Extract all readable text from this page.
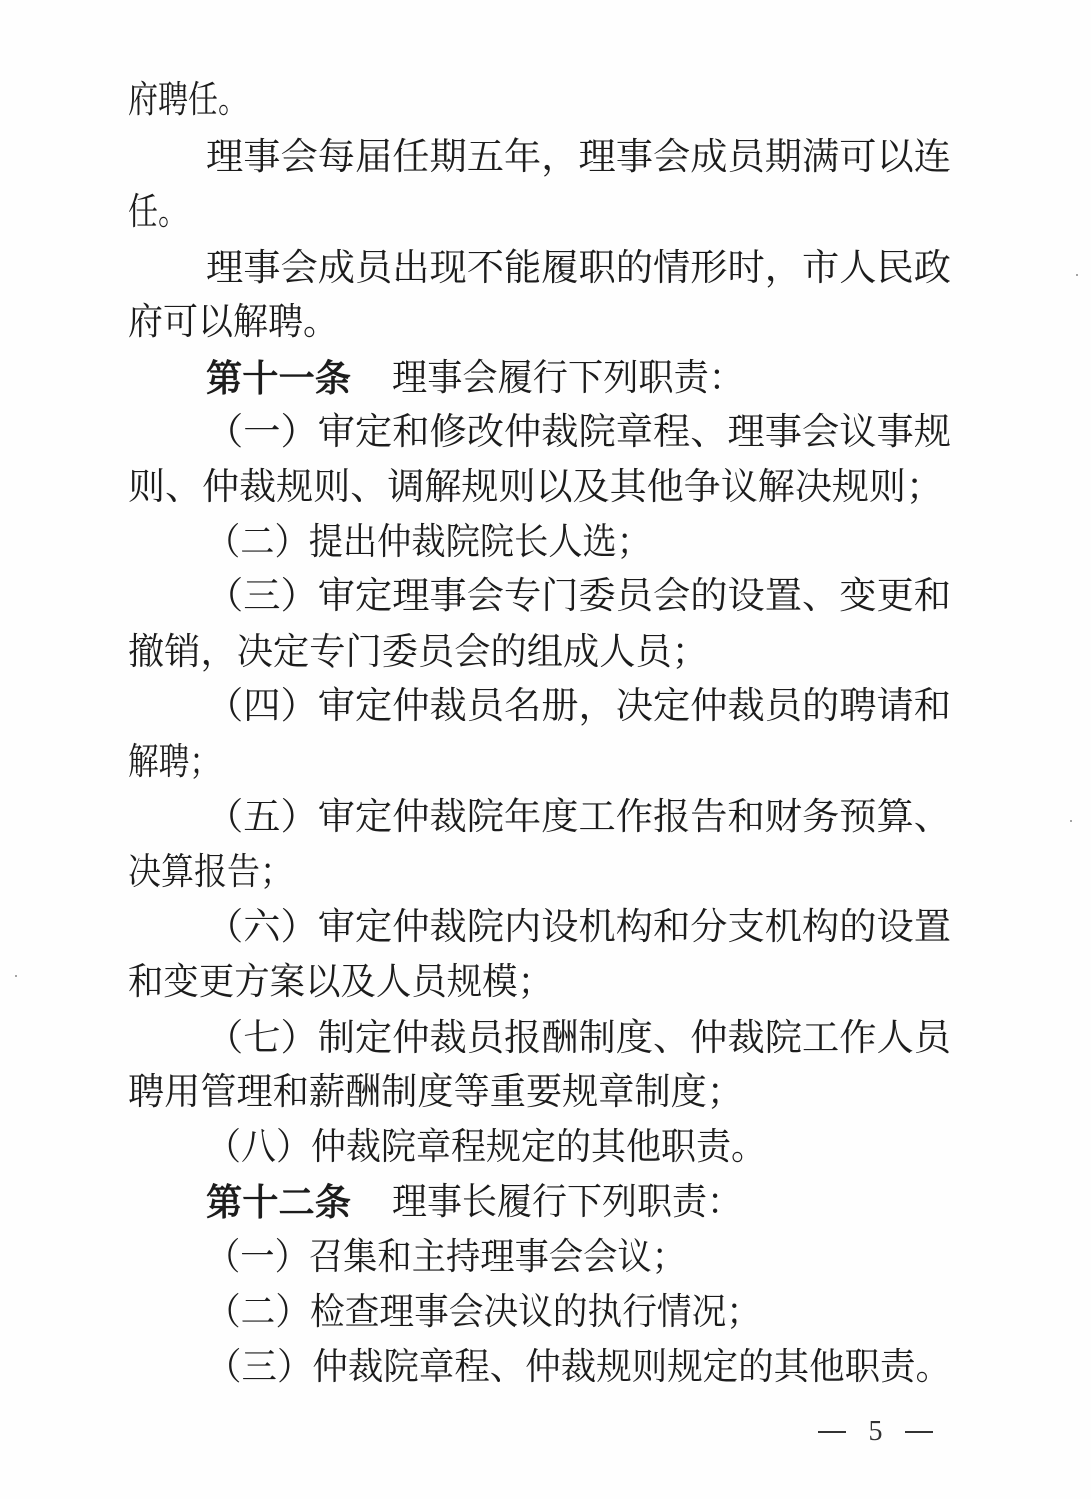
府聘任。
理事会每届任期五年，理事会成员期满可以连
任。
理事会成员出现不能履职的情形时，市人民政
府可以解聘。
第十一条 理事会履行下列职责：
（一）审定和修改仲裁院章程、理事会议事规
则、仲裁规则、调解规则以及其他争议解决规则；
（二）提出仲裁院院长人选；
（三）审定理事会专门委员会的设置、变更和
撤销，决定专门委员会的组成人员；
（四）审定仲裁员名册，决定仲裁员的聘请和
解聘；
（五）审定仲裁院年度工作报告和财务预算、
决算报告；
（六）审定仲裁院内设机构和分支机构的设置
和变更方案以及人员规模；
（七）制定仲裁员报酬制度、仲裁院工作人员
聘用管理和薪酬制度等重要规章制度；
（八）仲裁院章程规定的其他职责。
第十二条 理事长履行下列职责：
（一）召集和主持理事会会议；
（二）检查理事会决议的执行情况；
（三）仲裁院章程、仲裁规则规定的其他职责。
5
